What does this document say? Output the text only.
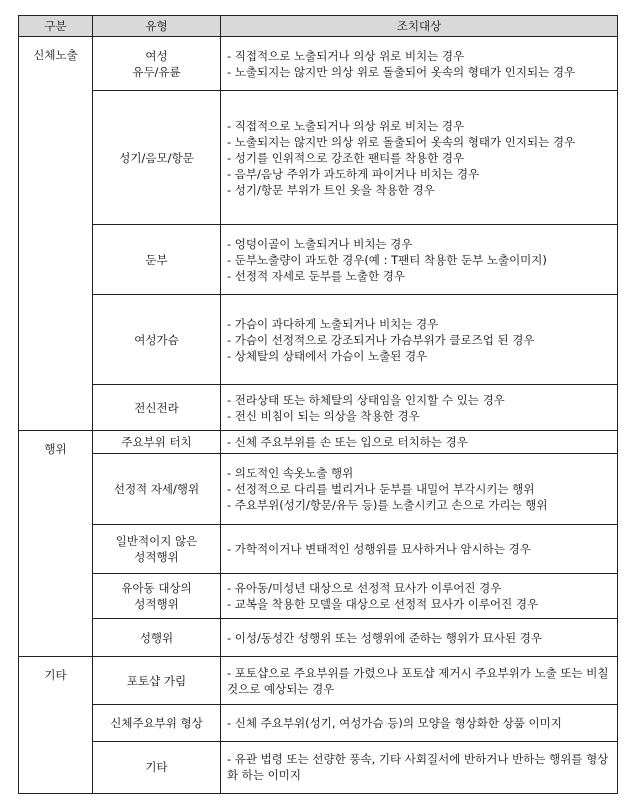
구분	유형	조치대상
신체노출	여성
유두/유륜	- 직접적으로 노출되거나 의상 위로 비치는 경우
- 노출되지는 않지만 의상 위로 돌출되어 옷속의 형태가 인지되는 경우

	성기/음모/항문	- 직접적으로 노출되거나 의상 위로 비치는 경우
- 노출되지는 않지만 의상 위로 돌출되어 옷속의 형태가 인지되는 경우
- 성기를 인위적으로 강조한 팬티를 착용한 경우
- 음부/음낭 주위가 과도하게 파이거나 비치는 경우
- 성기/항문 부위가 트인 옷을 착용한 경우

	둔부	- 엉덩이골이 노출되거나 비치는 경우
- 둔부노출량이 과도한 경우(예 : T팬티 착용한 둔부 노출이미지)
- 선정적 자세로 둔부를 노출한 경우

	여성가슴	- 가슴이 과다하게 노출되거나 비치는 경우
- 가슴이 선정적으로 강조되거나 가슴부위가 클로즈업 된 경우
- 상체탈의 상태에서 가슴이 노출된 경우

	전신전라	- 전라상태 또는 하체탈의 상태임을 인지할 수 있는 경우
- 전신 비침이 되는 의상을 착용한 경우

행위	주요부위 터치	- 신체 주요부위를 손 또는 입으로 터치하는 경우

	선정적 자세/행위	- 의도적인 속옷노출 행위
- 선정적으로 다리를 벌리거나 둔부를 내밀어 부각시키는 행위
- 주요부위(성기/항문/유두 등)를 노출시키고 손으로 가리는 행위

	일반적이지 않은
성적행위	- 가학적이거나 변태적인 성행위를 묘사하거나 암시하는 경우

	유아동 대상의
성적행위	- 유아동/미성년 대상으로 선정적 묘사가 이루어진 경우
- 교복을 착용한 모델을 대상으로 선정적 묘사가 이루어진 경우

	성행위	- 이성/동성간 성행위 또는 성행위에 준하는 행위가 묘사된 경우

기타	포토샵 가림	- 포토샵으로 주요부위를 가렸으나 포토샵 제거시 주요부위가 노출 또는 비칠 것으로 예상되는 경우

	신체주요부위 형상	- 신체 주요부위(성기, 여성가슴 등)의 모양을 형상화한 상품 이미지

	기타	- 유관 법령 또는 선량한 풍속, 기타 사회질서에 반하거나 반하는 행위를 형상화 하는 이미지
